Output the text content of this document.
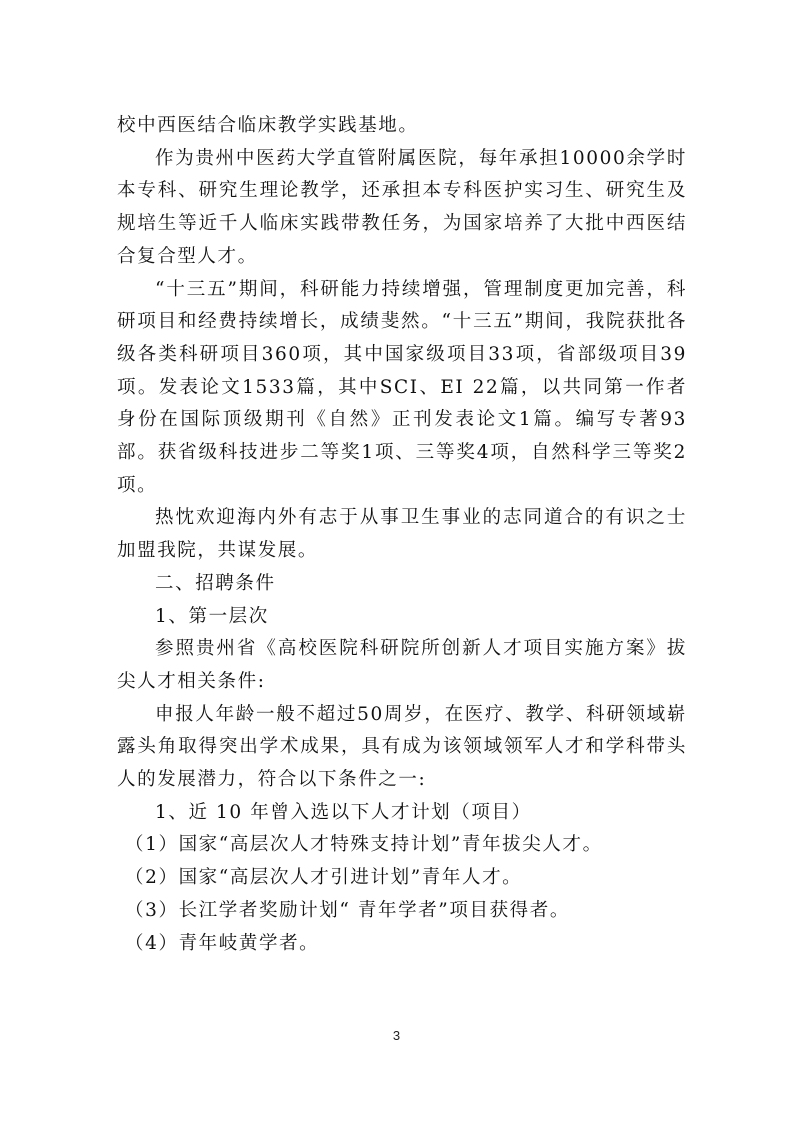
校中西医结合临床教学实践基地。

作为贵州中医药大学直管附属医院，每年承担10000余学时本专科、研究生理论教学，还承担本专科医护实习生、研究生及规培生等近千人临床实践带教任务，为国家培养了大批中西医结合复合型人才。

“十三五”期间，科研能力持续增强，管理制度更加完善，科研项目和经费持续增长，成绩斐然。“十三五”期间，我院获批各级各类科研项目360项，其中国家级项目33项，省部级项目39项。发表论文1533篇，其中SCI、EI 22篇，以共同第一作者身份在国际顶级期刊《自然》正刊发表论文1篇。编写专著93部。获省级科技进步二等奖1项、三等奖4项，自然科学三等奖2项。

热忱欢迎海内外有志于从事卫生事业的志同道合的有识之士加盟我院，共谋发展。

二、招聘条件

1、第一层次

参照贵州省《高校医院科研院所创新人才项目实施方案》拔尖人才相关条件:

申报人年龄一般不超过50周岁，在医疗、教学、科研领域崭露头角取得突出学术成果，具有成为该领域领军人才和学科带头人的发展潜力，符合以下条件之一:

1、近 10 年曾入选以下人才计划（项目）

（1）国家“高层次人才特殊支持计划”青年拔尖人才。

（2）国家“高层次人才引进计划”青年人才。

（3）长江学者奖励计划“ 青年学者”项目获得者。

（4）青年岐黄学者。

3
